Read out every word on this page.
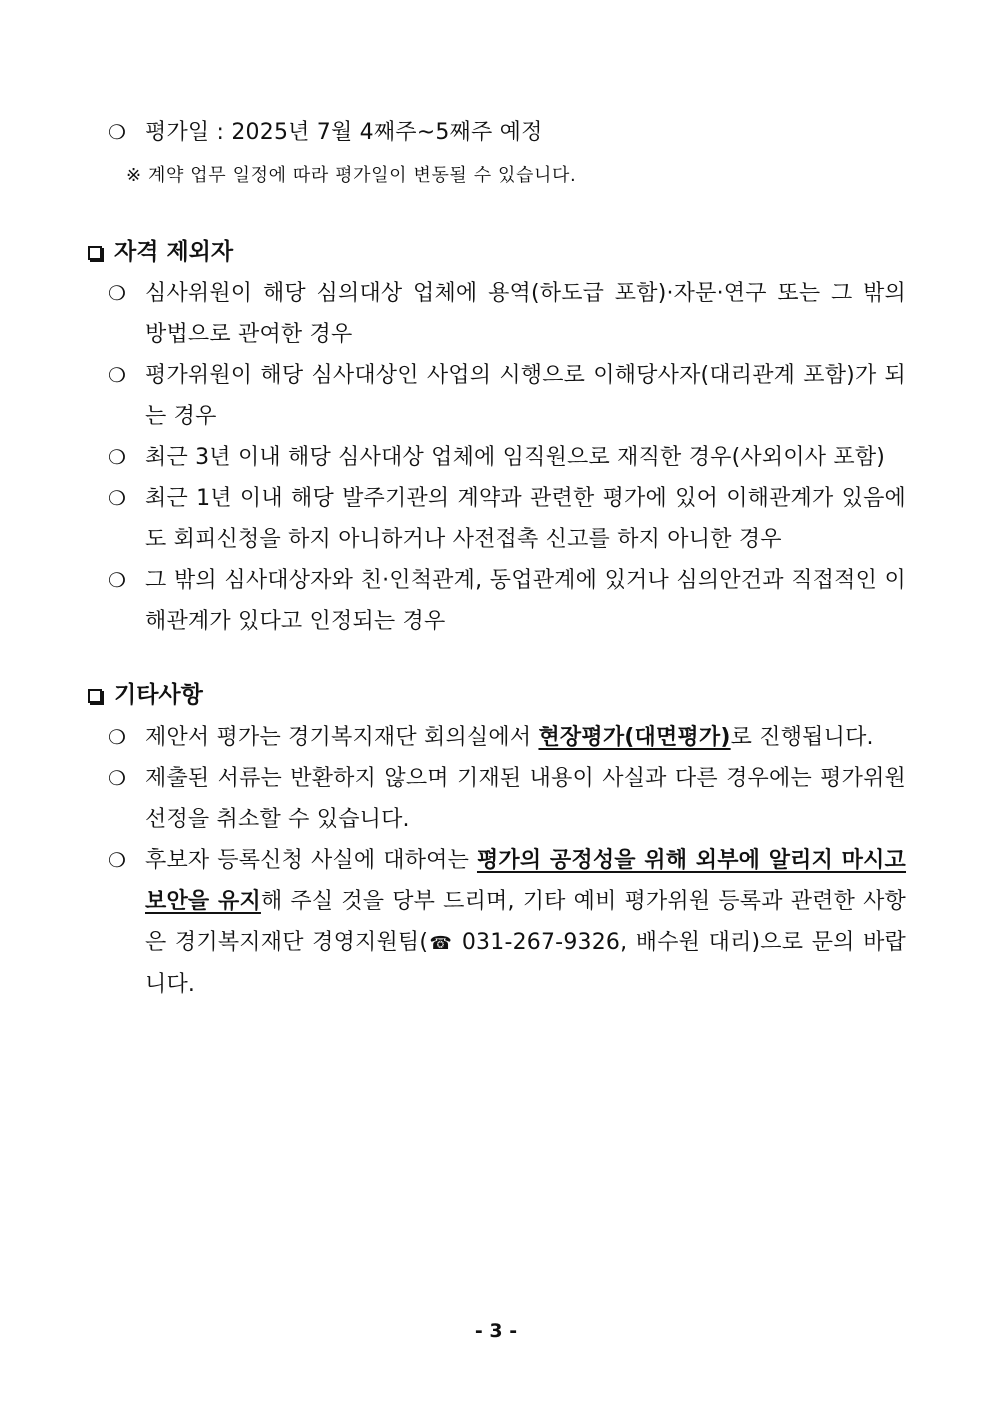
❍ 평가일 : 2025년 7월 4째주~5째주 예정
※ 계약 업무 일정에 따라 평가일이 변동될 수 있습니다.
자격 제외자
❍ 심사위원이 해당 심의대상 업체에 용역(하도급 포함)·자문·연구 또는 그 밖의 방법으로 관여한 경우
❍ 평가위원이 해당 심사대상인 사업의 시행으로 이해당사자(대리관계 포함)가 되는 경우
❍ 최근 3년 이내 해당 심사대상 업체에 임직원으로 재직한 경우(사외이사 포함)
❍ 최근 1년 이내 해당 발주기관의 계약과 관련한 평가에 있어 이해관계가 있음에도 회피신청을 하지 아니하거나 사전접촉 신고를 하지 아니한 경우
❍ 그 밖의 심사대상자와 친·인척관계, 동업관계에 있거나 심의안건과 직접적인 이해관계가 있다고 인정되는 경우
기타사항
❍ 제안서 평가는 경기복지재단 회의실에서 현장평가(대면평가)로 진행됩니다.
❍ 제출된 서류는 반환하지 않으며 기재된 내용이 사실과 다른 경우에는 평가위원 선정을 취소할 수 있습니다.
❍ 후보자 등록신청 사실에 대하여는 평가의 공정성을 위해 외부에 알리지 마시고 보안을 유지해 주실 것을 당부 드리며, 기타 예비 평가위원 등록과 관련한 사항은 경기복지재단 경영지원팀(☎ 031-267-9326, 배수원 대리)으로 문의 바랍니다.
- 3 -
